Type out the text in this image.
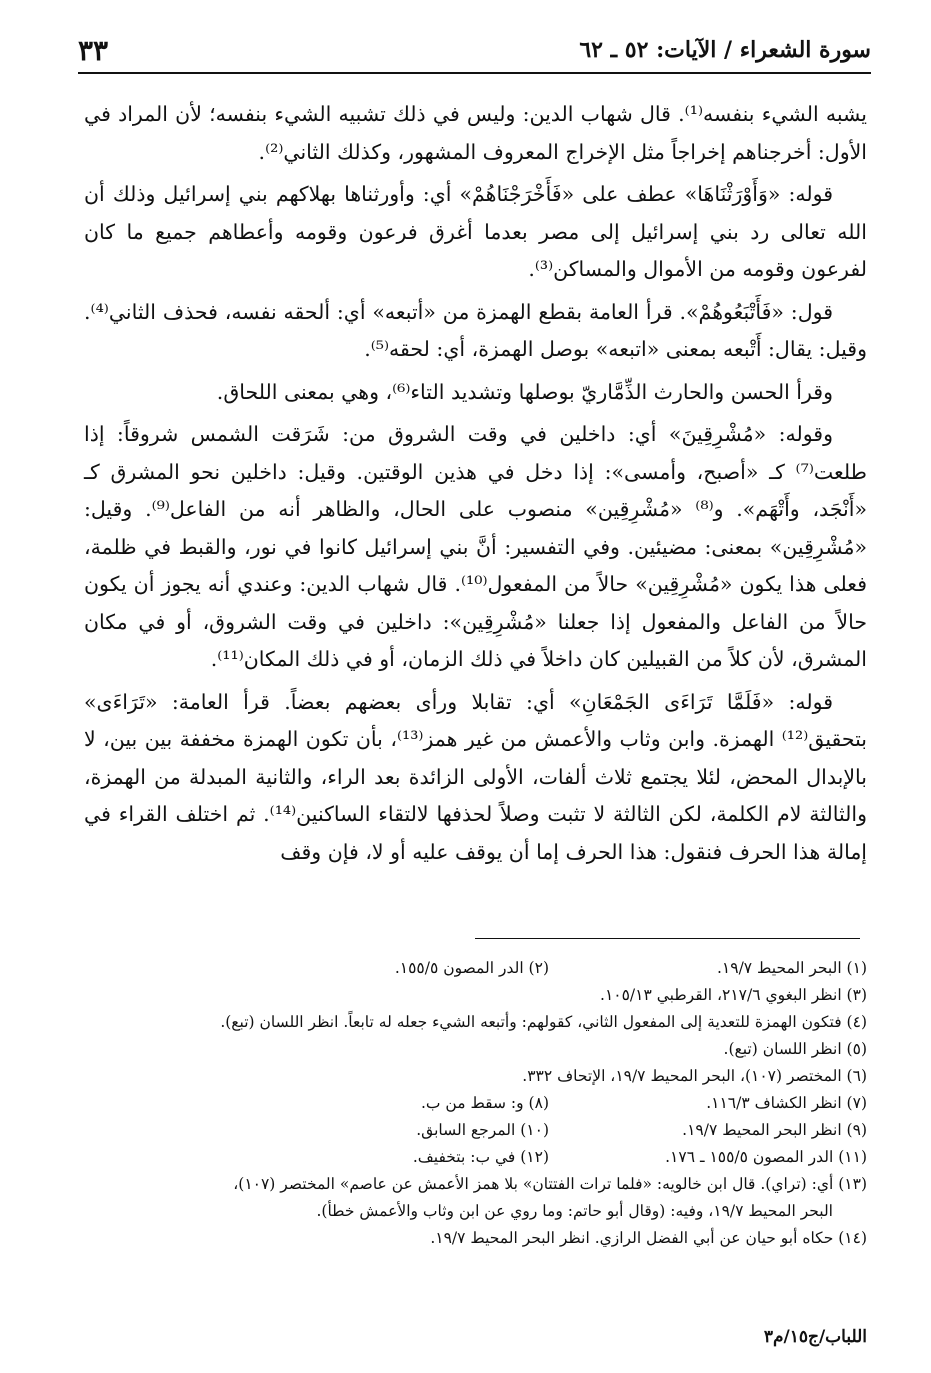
سورة الشعراء / الآيات: ٥٢ ـ ٦٢
٣٣

يشبه الشيء بنفسه⁽¹⁾. قال شهاب الدين: وليس في ذلك تشبيه الشيء بنفسه؛ لأن المراد في الأول: أخرجناهم إخراجاً مثل الإخراج المعروف المشهور، وكذلك الثاني⁽²⁾.

قوله: «وَأَوْرَثْنَاهَا» عطف على «فَأَخْرَجْنَاهُمْ» أي: وأورثناها بهلاكهم بني إسرائيل وذلك أن الله تعالى رد بني إسرائيل إلى مصر بعدما أغرق فرعون وقومه وأعطاهم جميع ما كان لفرعون وقومه من الأموال والمساكن⁽³⁾.

قول: «فَأَتْبَعُوهُمْ». قرأ العامة بقطع الهمزة من «أتبعه» أي: ألحقه نفسه، فحذف الثاني⁽⁴⁾. وقيل: يقال: أَتْبعه بمعنى «اتبعه» بوصل الهمزة، أي: لحقه⁽⁵⁾.

وقرأ الحسن والحارث الذِّمَّاريّ بوصلها وتشديد التاء⁽⁶⁾، وهي بمعنى اللحاق.

وقوله: «مُشْرِقِينَ» أي: داخلين في وقت الشروق من: شَرَقت الشمس شروقاً: إذا طلعت⁽⁷⁾ كـ «أصبح، وأمسى»: إذا دخل في هذين الوقتين. وقيل: داخلين نحو المشرق كـ «أَنْجَد، وأَتْهَم». و⁽⁸⁾ «مُشْرِقِين» منصوب على الحال، والظاهر أنه من الفاعل⁽⁹⁾. وقيل: «مُشْرِقِين» بمعنى: مضيئين. وفي التفسير: أنَّ بني إسرائيل كانوا في نور، والقبط في ظلمة، فعلى هذا يكون «مُشْرِقِين» حالاً من المفعول⁽¹⁰⁾. قال شهاب الدين: وعندي أنه يجوز أن يكون حالاً من الفاعل والمفعول إذا جعلنا «مُشْرِقِين»: داخلين في وقت الشروق، أو في مكان المشرق، لأن كلاً من القبيلين كان داخلاً في ذلك الزمان، أو في ذلك المكان⁽¹¹⁾.

قوله: «فَلَمَّا تَرَاءَى الجَمْعَانِ» أي: تقابلا ورأى بعضهم بعضاً. قرأ العامة: «تَرَاءَى» بتحقيق⁽¹²⁾ الهمزة. وابن وثاب والأعمش من غير همز⁽¹³⁾، بأن تكون الهمزة مخففة بين بين، لا بالإبدال المحض، لئلا يجتمع ثلاث ألفات، الأولى الزائدة بعد الراء، والثانية المبدلة من الهمزة، والثالثة لام الكلمة، لكن الثالثة لا تثبت وصلاً لحذفها لالتقاء الساكنين⁽¹⁴⁾. ثم اختلف القراء في إمالة هذا الحرف فنقول: هذا الحرف إما أن يوقف عليه أو لا، فإن وقف

(١) البحر المحيط ١٩/٧.
(٢) الدر المصون ١٥٥/٥.
(٣) انظر البغوي ٢١٧/٦، القرطبي ١٠٥/١٣.
(٤) فتكون الهمزة للتعدية إلى المفعول الثاني، كقولهم: وأتبعه الشيء جعله له تابعاً. انظر اللسان (تبع).
(٥) انظر اللسان (تبع).
(٦) المختصر (١٠٧)، البحر المحيط ١٩/٧، الإتحاف ٣٣٢.
(٧) انظر الكشاف ١١٦/٣.
(٨) و: سقط من ب.
(٩) انظر البحر المحيط ١٩/٧.
(١٠) المرجع السابق.
(١١) الدر المصون ١٥٥/٥ ـ ١٧٦.
(١٢) في ب: بتخفيف.
(١٣) أي: (تراي). قال ابن خالويه: «فلما ترات الفتتان» بلا همز الأعمش عن عاصم» المختصر (١٠٧)،
البحر المحيط ١٩/٧، وفيه: (وقال أبو حاتم: وما روي عن ابن وثاب والأعمش خطأ).
(١٤) حكاه أبو حيان عن أبي الفضل الرازي. انظر البحر المحيط ١٩/٧.
اللباب/ج١٥/م٣
